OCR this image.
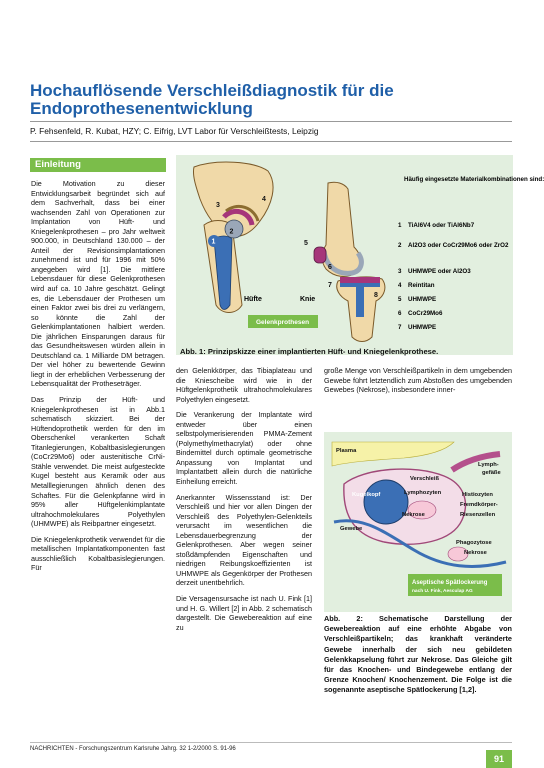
Hochauflösende Verschleißdiagnostik für die Endoprothesenentwicklung
P. Fehsenfeld, R. Kubat, HZY; C. Eifrig, LVT Labor für Verschleißtests, Leipzig
Einleitung

Die Motivation zu dieser Entwicklungsarbeit begründet sich auf dem Sachverhalt, dass bei einer wachsenden Zahl von Operationen zur Implantation von Hüft- und Kniegelenkprothesen – pro Jahr weltweit 900.000, in Deutschland 130.000 – der Anteil der Revisionsimplantationen zunehmend ist und für 1996 mit 50% angegeben wird [1]. Die mittlere Lebensdauer für diese Gelenkprothesen wird auf ca. 10 Jahre geschätzt. Gelingt es, die Lebensdauer der Prothesen um einen Faktor zwei bis drei zu verlängern, so könnte die Zahl der Gelenkimplantationen halbiert werden. Die jährlichen Einsparungen daraus für das Gesundheitswesen würden allein in Deutschland ca. 1 Milliarde DM betragen. Der viel höher zu bewertende Gewinn liegt in der erheblichen Verbesserung der Lebensqualität der Protheseträger.

Das Prinzip der Hüft- und Kniegelenkprothesen ist in Abb.1 schematisch skizziert. Bei der Hüftendoprothetik werden für den im Oberschenkel verankerten Schaft Titanlegierungen, Kobaltbasislegierungen (CoCr29Mo6) oder austenitische CrNi-Stähle verwendet. Die meist aufgesteckte Kugel besteht aus Keramik oder aus Metalllegierungen ähnlich denen des Schaftes. Für die Gelenkpfanne wird in 95% aller Hüftgelenkimplantate ultrahochmolekulares Polyethylen (UHMWPE) als Reibpartner eingesetzt.

Die Kniegelenkprothetik verwendet für die metallischen Implantatkomponenten fast ausschließlich Kobaltbasislegierungen. Für

1
2
3
4
5
6
7
8
Hüfte	Knie
Gelenkprothesen
Häufig eingesetzte Materialkombinationen sind:
1 TiAl6V4 oder TiAl6Nb7
2 Al2O3 oder CoCr29Mo6 oder ZrO2
3 UHMWPE oder Al2O3
4 Reintitan
5 UHMWPE
6 CoCr29Mo6
7 UHMWPE
Abb. 1: Prinzipskizze einer implantierten Hüft- und Kniegelenkprothese.

den Gelenkkörper, das Tibiaplateau und die Kniescheibe wird wie in der Hüftgelenkprothetik ultrahochmolekulares Polyethylen eingesetzt.

Die Verankerung der Implantate wird entweder über einen selbstpolymerisierenden PMMA-Zement (Polymethylmethacrylat) oder ohne Bindemittel durch optimale geometrische Anpassung von Implantat und Implantatbett allein durch die natürliche Einheilung erreicht.

Anerkannter Wissensstand ist: Der Verschleiß und hier vor allen Dingen der Verschleiß des Polyethylen-Gelenkteils verursacht im wesentlichen die Lebensdauerbegrenzung der Gelenkprothesen. Aber wegen seiner stoßdämpfenden Eigenschaften und niedrigen Reibungskoeffizienten ist UHMWPE als Gegenkörper der Prothesen derzeit unentbehrlich.

Die Versagensursache ist nach U. Fink [1] und H. G. Willert [2] in Abb. 2 schematisch dargestellt. Die Gewebereaktion auf eine zu

große Menge von Verschleißpartikeln in dem umgebenden Gewebe führt letztendlich zum Abstoßen des umgebenden Gewebes (Nekrose), insbesondere inner-

Plasma
Lymph-
gefäße
Verschleiß
Lymphozyten
Kugelkopf
Nekrose
Histiozyten
Fremdkörper-
Riesenzellen
Gewebe
Phagozytose
Nekrose
Aseptische Spätlockerung
nach U. Fink, Aesculap AG
Abb. 2: Schematische Darstellung der Gewebereaktion auf eine erhöhte Abgabe von Verschleißpartikeln; das krankhaft veränderte Gewebe innerhalb der sich neu gebildeten Gelenkkapselung führt zur Nekrose. Das Gleiche gilt für das Knochen- und Bindegewebe entlang der Grenze Knochen/ Knochenzement. Die Folge ist die sogenannte aseptische Spätlockerung [1,2].
NACHRICHTEN - Forschungszentrum Karlsruhe Jahrg. 32 1-2/2000 S. 91-96
91
